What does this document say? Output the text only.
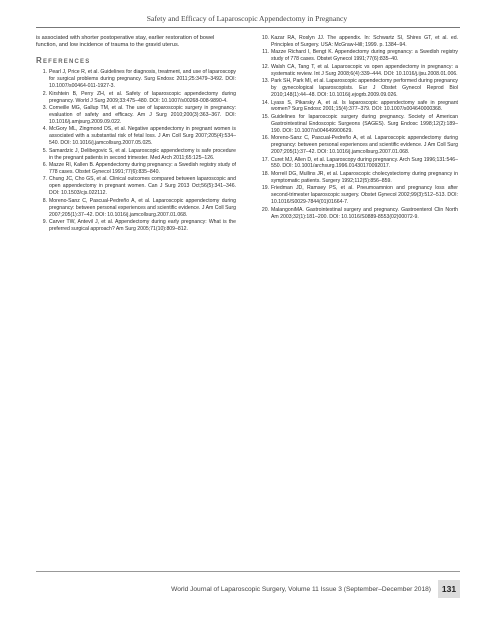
Safety and Efficacy of Laparoscopic Appendectomy in Pregnancy

is associated with shorter postoperative stay, earlier restoration of bowel function, and low incidence of trauma to the gravid uterus.

References
1. Pearl J, Price R, et al. Guidelines for diagnosis, treatment, and use of laparoscopy for surgical problems during pregnancy. Surg Endosc 2011;25:3479–3492. DOI: 10.1007/s00464-011-1927-3.
2. Kirshtein B, Perry ZH, et al. Safety of laparoscopic appendectomy during pregnancy. World J Surg 2009;33:475–480. DOI: 10.1007/s00268-008-9890-4.
3. Corneille MG, Gallup TM, et al. The use of laparoscopic surgery in pregnancy: evaluation of safety and efficacy. Am J Surg 2010;200(3):363–367. DOI: 10.1016/j.amjsurg.2009.09.022.
4. McGory ML, Zingmond DS, et al. Negative appendectomy in pregnant women is associated with a substantial risk of fetal loss. J Am Coll Surg 2007;205(4):534–540. DOI: 10.1016/j.jamcollsurg.2007.05.025.
5. Samardzic J, Delibegovic S, et al. Laparoscopic appendectomy is safe procedure in the pregnant patients in second trimester. Med Arch 2011;65:125–126.
6. Mazze RI, Kallen B. Appendectomy during pregnancy: a Swedish registry study of 778 cases. Obstet Gynecol 1991;77(6):835–840.
7. Chung JC, Cho GS, et al. Clinical outcomes compared between laparoscopic and open appendectomy in pregnant women. Can J Surg 2013 Oct;56(5):341–346. DOI: 10.1503/cjs.022112.
8. Moreno-Sanz C, Pascual-Pedreño A, et al. Laparoscopic appendectomy during pregnancy: between personal experiences and scientific evidence. J Am Coll Surg 2007;205(1):37–42. DOI: 10.1016/j.jamcollsurg.2007.01.068.
9. Carver TW, Antevil J, et al. Appendectomy during early pregnancy: What is the preferred surgical approach? Am Surg 2005;71(10):809–812.
10. Kazar RA, Roslyn JJ. The appendix. In: Schwartz SI, Shires GT, et al. ed. Principles of Surgery. USA: McGraw-Hill; 1999. p. 1384–94.
11. Mazze Richard I, Bengt K. Appendectomy during pregnancy: a Swedish registry study of 778 cases. Obstet Gynecol 1991;77(6):835–40.
12. Walsh CA, Tang T, et al. Laparoscopic vs open appendectomy in pregnancy: a systematic review. Int J Surg 2008;6(4):339–444. DOI: 10.1016/j.ijsu.2008.01.006.
13. Park SH, Park MI, et al. Laparoscopic appendectomy performed during pregnancy by gynecological laparoscopists. Eur J Obstet Gynecol Reprod Biol 2010;148(1):44–48. DOI: 10.1016/j.ejogrb.2009.09.026.
14. Lyass S, Pikarsky A, et al. Is laparoscopic appendectomy safe in pregnant women? Surg Endosc 2001;15(4):377–379. DOI: 10.1007/s004640000368.
15. Guidelines for laparoscopic surgery during pregnancy. Society of American Gastrointestinal Endoscopic Surgeons (SAGES). Surg Endosc 1998;12(2):189–190. DOI: 10.1007/s004649900629.
16. Moreno-Sanz C, Pascual-Pedreño A, et al. Laparoscopic appendectomy during pregnancy: between personal experiences and scientific evidence. J Am Coll Surg 2007;205(1):37–42. DOI: 10.1016/j.jamcollsurg.2007.01.068.
17. Curet MJ, Allen D, et al. Laparoscopy during pregnancy. Arch Surg 1996;131:546–550. DOI: 10.1001/archsurg.1996.01430170092017.
18. Morrell DG, Mullins JR, et al. Laparoscopic cholecystectomy during pregnancy in symptomatic patients. Surgery 1992;112(5):856–859.
19. Friedman JD, Ramsey PS, et al. Pneumoamnion and pregnancy loss after second-trimester laparoscopic surgery. Obstet Gynecol 2002;99(3):512–513. DOI: 10.1016/S0029-7844(01)01664-7.
20. MalangoniMA. Gastrointestinal surgery and pregnancy. Gastroenterol Clin North Am 2003;32(1):181–200. DOI: 10.1016/S0889-8553(02)00072-9.
World Journal of Laparoscopic Surgery, Volume 11 Issue 3 (September–December 2018)	131
